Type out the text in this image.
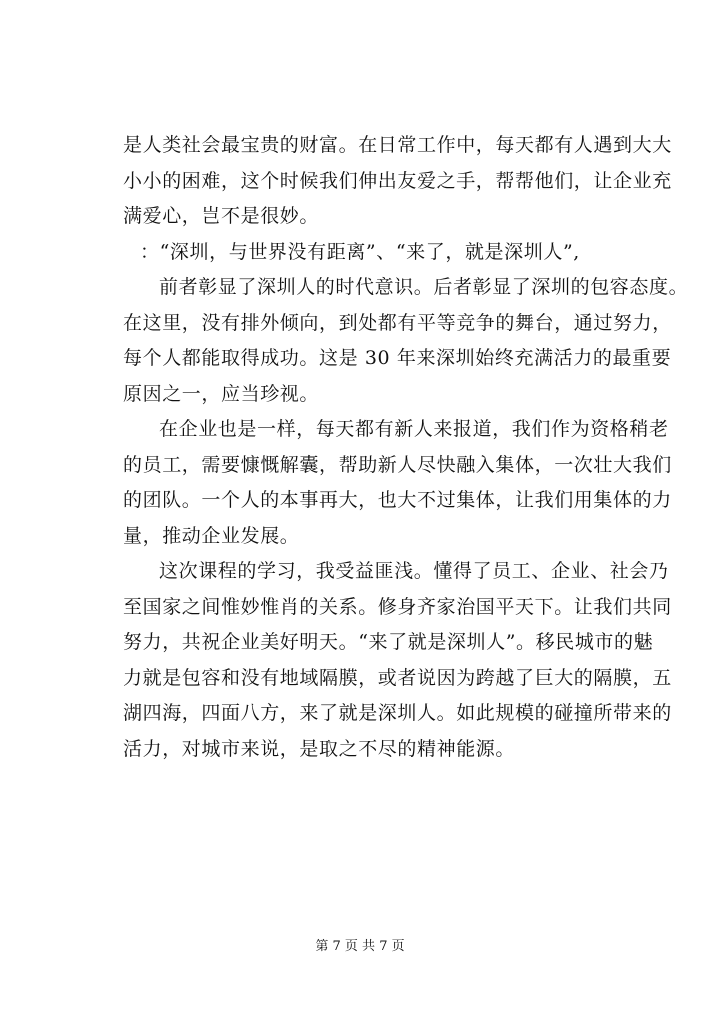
是人类社会最宝贵的财富。在日常工作中，每天都有人遇到大大
小小的困难，这个时候我们伸出友爱之手，帮帮他们，让企业充
满爱心，岂不是很妙。
：“深圳，与世界没有距离”、“来了，就是深圳人”,
前者彰显了深圳人的时代意识。后者彰显了深圳的包容态度。
在这里，没有排外倾向，到处都有平等竞争的舞台，通过努力，
每个人都能取得成功。这是 30 年来深圳始终充满活力的最重要
原因之一，应当珍视。
在企业也是一样，每天都有新人来报道，我们作为资格稍老
的员工，需要慷慨解囊，帮助新人尽快融入集体，一次壮大我们
的团队。一个人的本事再大，也大不过集体，让我们用集体的力
量，推动企业发展。
这次课程的学习，我受益匪浅。懂得了员工、企业、社会乃
至国家之间惟妙惟肖的关系。修身齐家治国平天下。让我们共同
努力，共祝企业美好明天。“来了就是深圳人”。移民城市的魅
力就是包容和没有地域隔膜，或者说因为跨越了巨大的隔膜，五
湖四海，四面八方，来了就是深圳人。如此规模的碰撞所带来的
活力，对城市来说，是取之不尽的精神能源。
第 7 页 共 7 页
